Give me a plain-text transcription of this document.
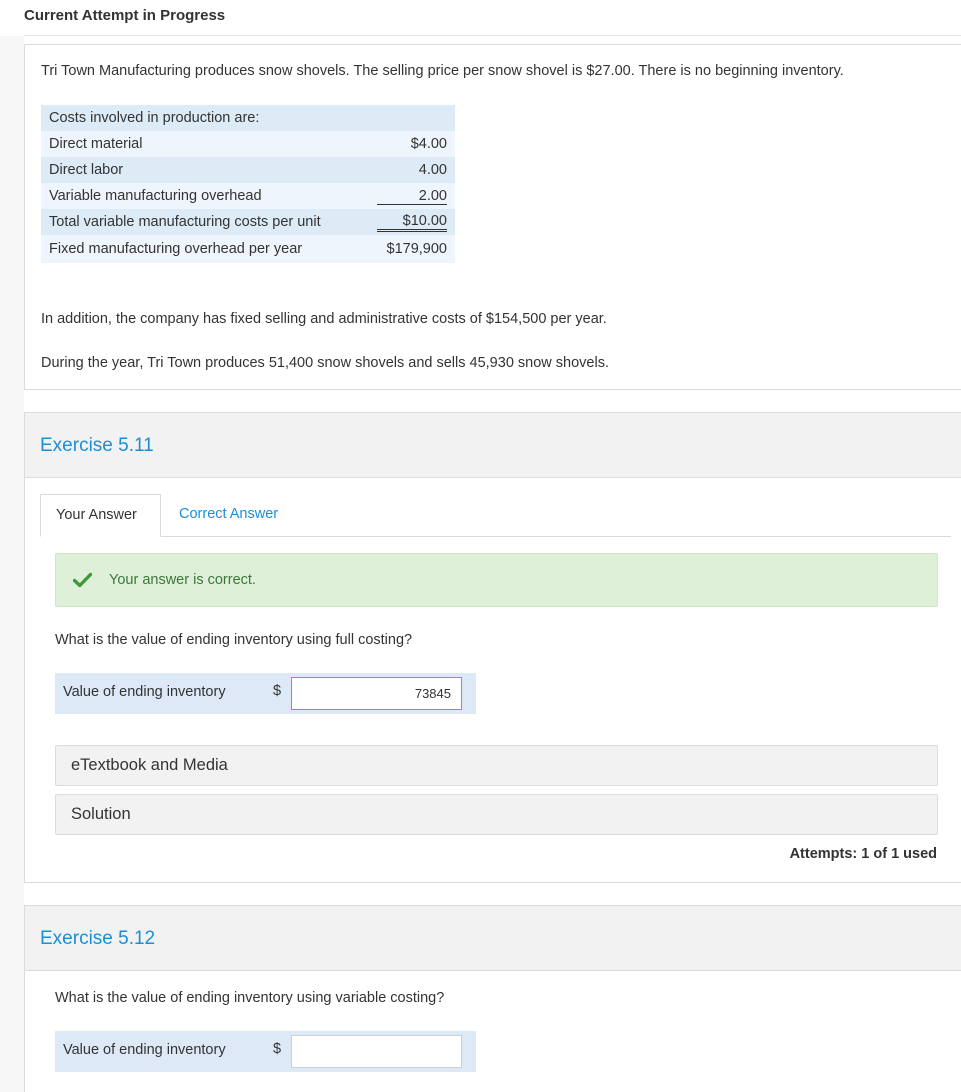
Current Attempt in Progress
Tri Town Manufacturing produces snow shovels. The selling price per snow shovel is $27.00. There is no beginning inventory.
Costs involved in production are:	
Direct material	$4.00
Direct labor	4.00
Variable manufacturing overhead	2.00
Total variable manufacturing costs per unit	$10.00
Fixed manufacturing overhead per year	$179,900
In addition, the company has fixed selling and administrative costs of $154,500 per year.
During the year, Tri Town produces 51,400 snow shovels and sells 45,930 snow shovels.
Exercise 5.11
Your Answer	Correct Answer
Your answer is correct.
What is the value of ending inventory using full costing?
Value of ending inventory	$
73845
eTextbook and Media
Solution
Attempts: 1 of 1 used
Exercise 5.12
What is the value of ending inventory using variable costing?
Value of ending inventory	$
